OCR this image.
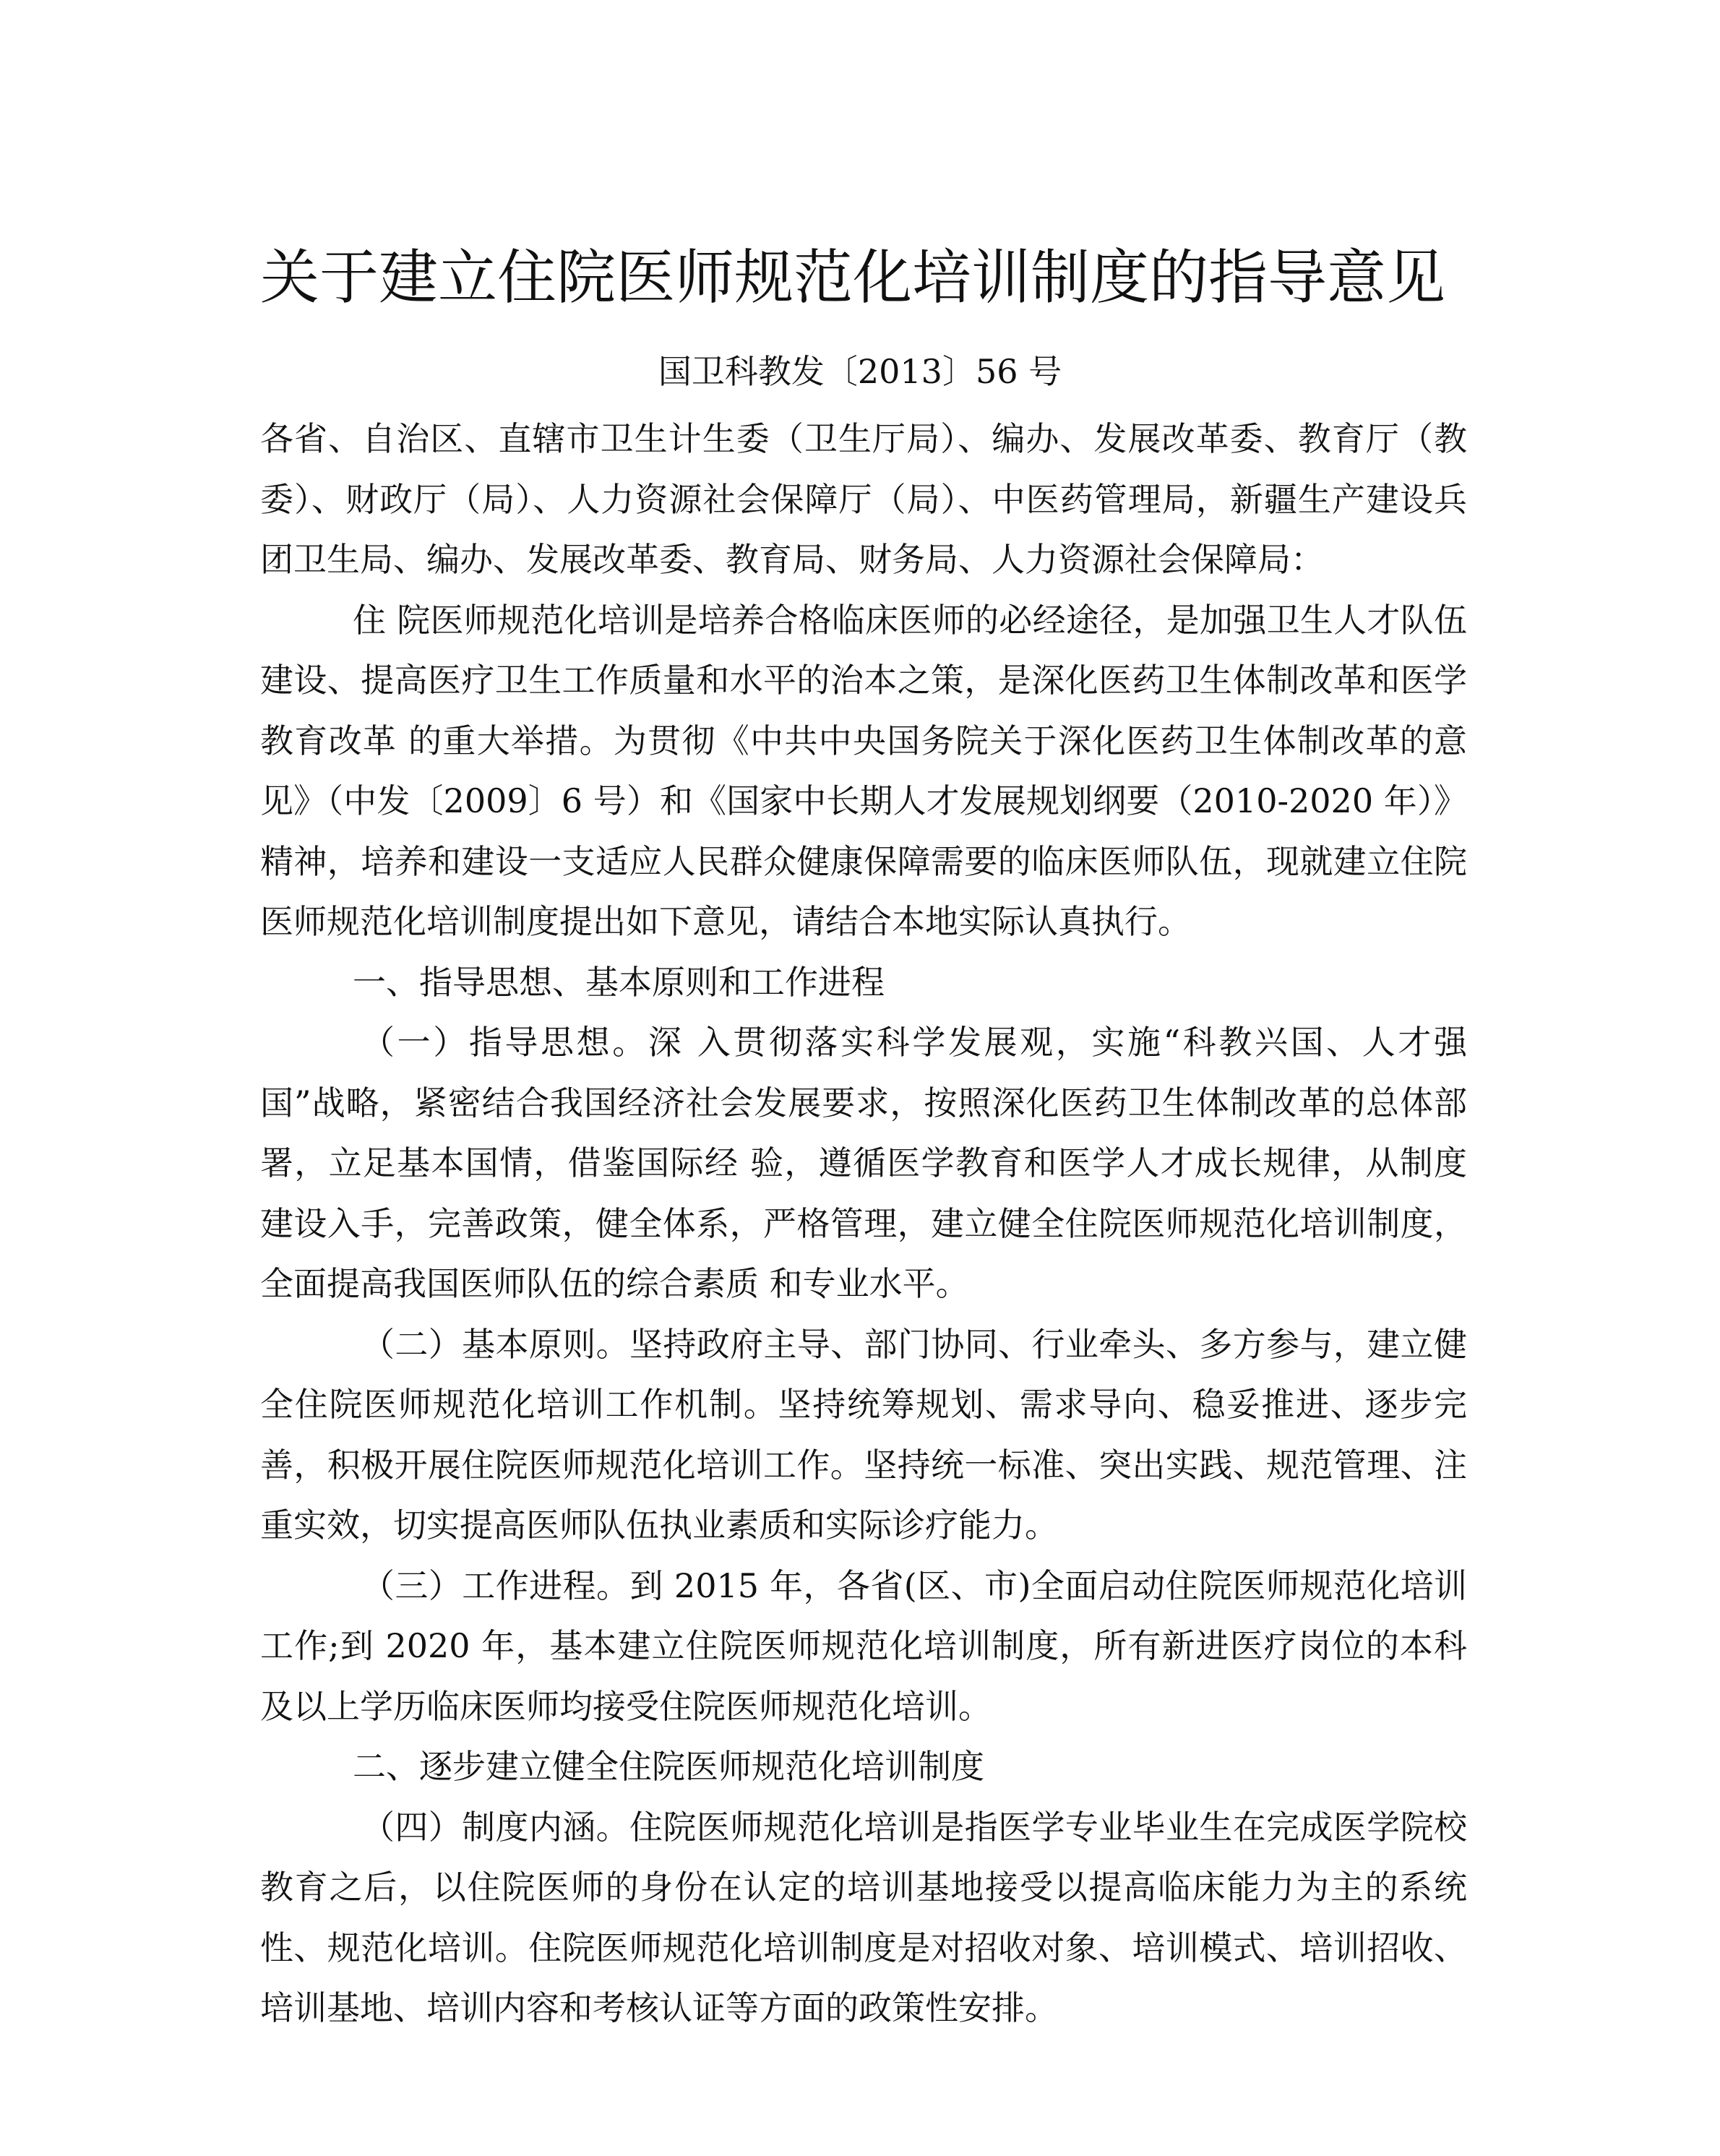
关于建立住院医师规范化培训制度的指导意见

国卫科教发〔2013〕56 号

各省、自治区、直辖市卫生计生委（卫生厅局）、编办、发展改革委、教育厅（教委）、财政厅（局）、人力资源社会保障厅（局）、中医药管理局，新疆生产建设兵团卫生局、编办、发展改革委、教育局、财务局、人力资源社会保障局：

住 院医师规范化培训是培养合格临床医师的必经途径，是加强卫生人才队伍建设、提高医疗卫生工作质量和水平的治本之策，是深化医药卫生体制改革和医学教育改革 的重大举措。为贯彻《中共中央国务院关于深化医药卫生体制改革的意见》（中发〔2009〕6 号）和《国家中长期人才发展规划纲要（2010-2020 年）》精神，培养和建设一支适应人民群众健康保障需要的临床医师队伍，现就建立住院医师规范化培训制度提出如下意见，请结合本地实际认真执行。

一、指导思想、基本原则和工作进程

（一）指导思想。深 入贯彻落实科学发展观，实施“科教兴国、人才强国”战略，紧密结合我国经济社会发展要求，按照深化医药卫生体制改革的总体部署，立足基本国情，借鉴国际经 验，遵循医学教育和医学人才成长规律，从制度建设入手，完善政策，健全体系，严格管理，建立健全住院医师规范化培训制度，全面提高我国医师队伍的综合素质 和专业水平。

（二）基本原则。坚持政府主导、部门协同、行业牵头、多方参与，建立健全住院医师规范化培训工作机制。坚持统筹规划、需求导向、稳妥推进、逐步完善，积极开展住院医师规范化培训工作。坚持统一标准、突出实践、规范管理、注重实效，切实提高医师队伍执业素质和实际诊疗能力。

（三）工作进程。到 2015 年，各省(区、市)全面启动住院医师规范化培训工作;到 2020 年，基本建立住院医师规范化培训制度，所有新进医疗岗位的本科及以上学历临床医师均接受住院医师规范化培训。

二、逐步建立健全住院医师规范化培训制度

（四）制度内涵。住院医师规范化培训是指医学专业毕业生在完成医学院校教育之后，以住院医师的身份在认定的培训基地接受以提高临床能力为主的系统性、规范化培训。住院医师规范化培训制度是对招收对象、培训模式、培训招收、培训基地、培训内容和考核认证等方面的政策性安排。
